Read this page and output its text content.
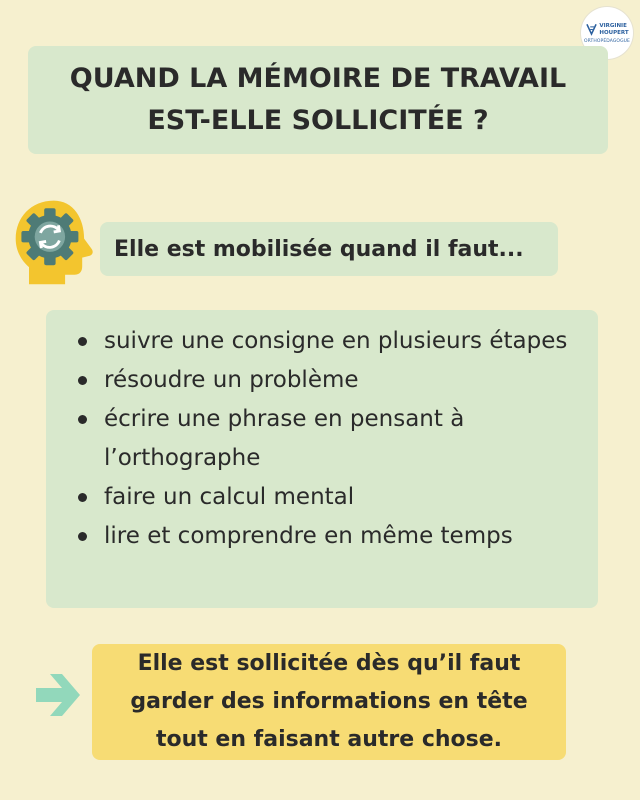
VIRGINIE
HOUPERT
ORTHOPÉDAGOGUE
QUAND LA MÉMOIRE DE TRAVAIL
EST-ELLE SOLLICITÉE ?
Elle est mobilisée quand il faut...
suivre une consigne en plusieurs étapes
résoudre un problème
écrire une phrase en pensant à l’orthographe
faire un calcul mental
lire et comprendre en même temps

Elle est sollicitée dès qu’il faut
garder des informations en tête
tout en faisant autre chose.
